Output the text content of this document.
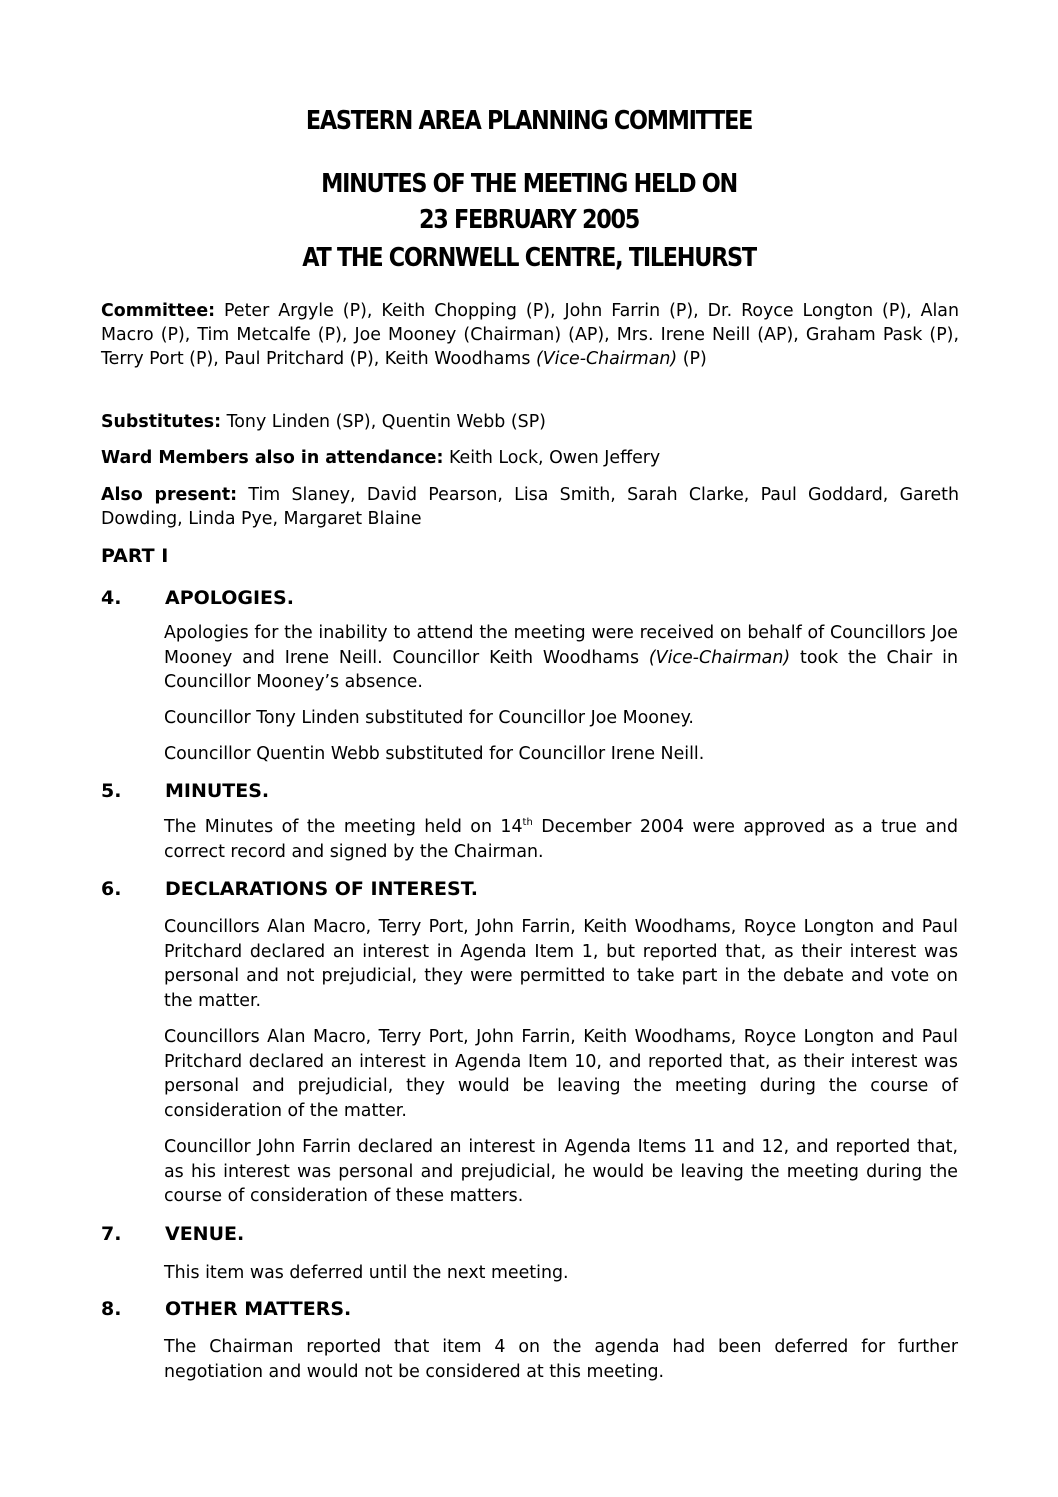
EASTERN AREA PLANNING COMMITTEE
MINUTES OF THE MEETING HELD ON
23 FEBRUARY 2005
AT THE CORNWELL CENTRE, TILEHURST

Committee: Peter Argyle (P), Keith Chopping (P), John Farrin (P), Dr. Royce Longton (P), Alan Macro (P), Tim Metcalfe (P), Joe Mooney (Chairman) (AP), Mrs. Irene Neill (AP), Graham Pask (P), Terry Port (P), Paul Pritchard (P), Keith Woodhams (Vice-Chairman) (P)

Substitutes: Tony Linden (SP), Quentin Webb (SP)

Ward Members also in attendance: Keith Lock, Owen Jeffery

Also present: Tim Slaney, David Pearson, Lisa Smith, Sarah Clarke, Paul Goddard, Gareth Dowding, Linda Pye, Margaret Blaine

PART I

4. APOLOGIES.

Apologies for the inability to attend the meeting were received on behalf of Councillors Joe Mooney and Irene Neill. Councillor Keith Woodhams (Vice-Chairman) took the Chair in Councillor Mooney’s absence.

Councillor Tony Linden substituted for Councillor Joe Mooney.

Councillor Quentin Webb substituted for Councillor Irene Neill.

5. MINUTES.

The Minutes of the meeting held on 14th December 2004 were approved as a true and correct record and signed by the Chairman.

6. DECLARATIONS OF INTEREST.

Councillors Alan Macro, Terry Port, John Farrin, Keith Woodhams, Royce Longton and Paul Pritchard declared an interest in Agenda Item 1, but reported that, as their interest was personal and not prejudicial, they were permitted to take part in the debate and vote on the matter.

Councillors Alan Macro, Terry Port, John Farrin, Keith Woodhams, Royce Longton and Paul Pritchard declared an interest in Agenda Item 10, and reported that, as their interest was personal and prejudicial, they would be leaving the meeting during the course of consideration of the matter.

Councillor John Farrin declared an interest in Agenda Items 11 and 12, and reported that, as his interest was personal and prejudicial, he would be leaving the meeting during the course of consideration of these matters.

7. VENUE.

This item was deferred until the next meeting.

8. OTHER MATTERS.

The Chairman reported that item 4 on the agenda had been deferred for further negotiation and would not be considered at this meeting.
